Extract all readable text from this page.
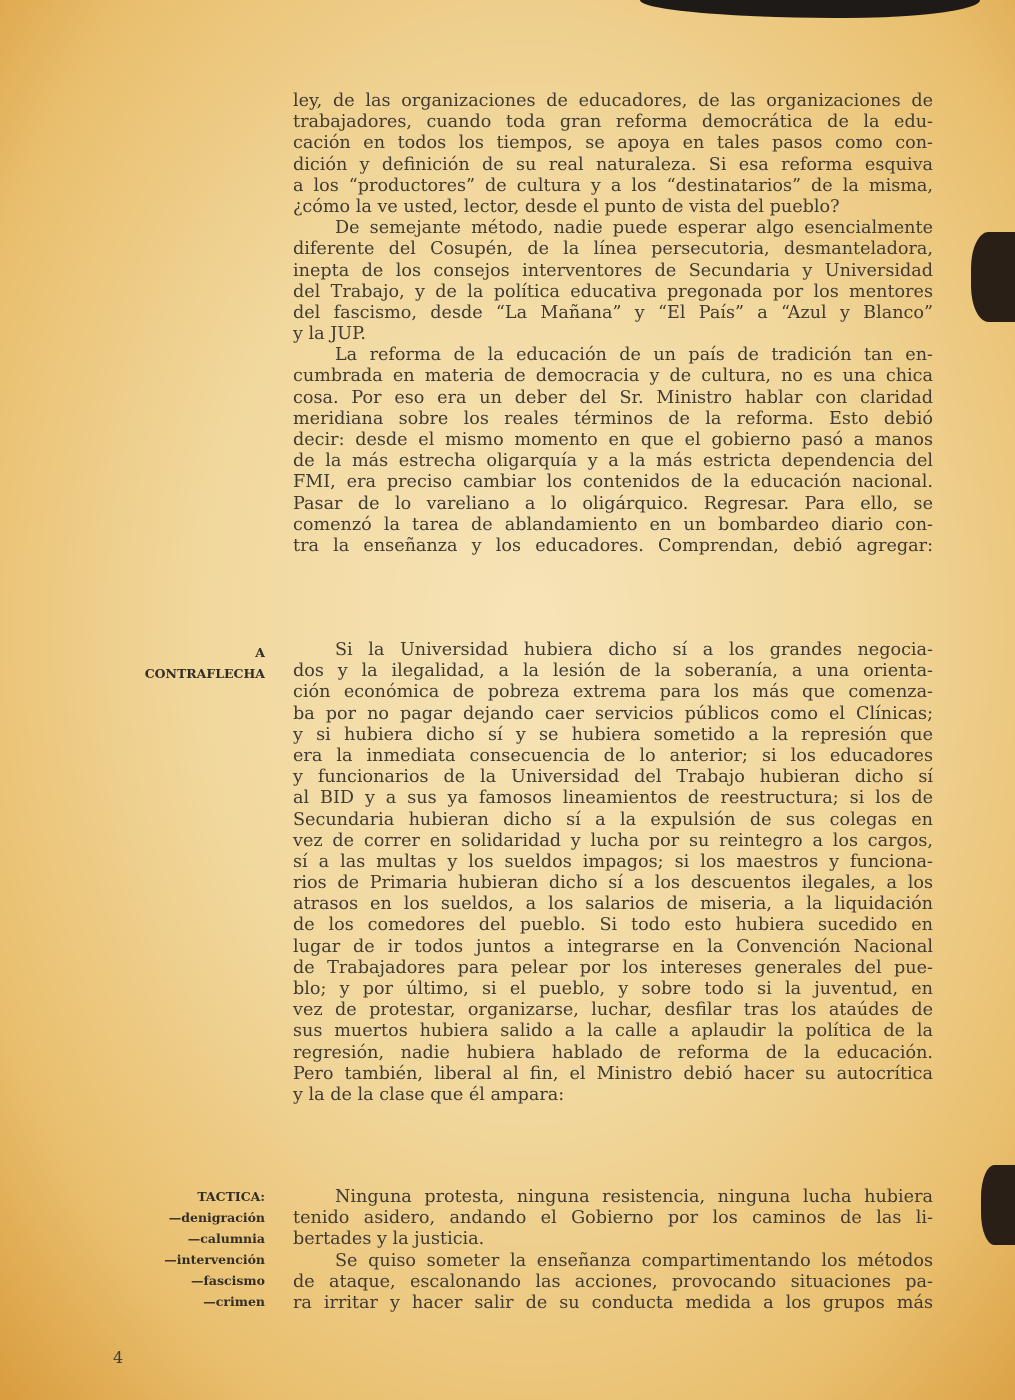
ley, de las organizaciones de educadores, de las organizaciones de
trabajadores, cuando toda gran reforma democrática de la edu-
cación en todos los tiempos, se apoya en tales pasos como con-
dición y definición de su real naturaleza. Si esa reforma esquiva
a los “productores” de cultura y a los “destinatarios” de la misma,
¿cómo la ve usted, lector, desde el punto de vista del pueblo?
De semejante método, nadie puede esperar algo esencialmente
diferente del Cosupén, de la línea persecutoria, desmanteladora,
inepta de los consejos interventores de Secundaria y Universidad
del Trabajo, y de la política educativa pregonada por los mentores
del fascismo, desde “La Mañana” y “El País” a “Azul y Blanco”
y la JUP.
La reforma de la educación de un país de tradición tan en-
cumbrada en materia de democracia y de cultura, no es una chica
cosa. Por eso era un deber del Sr. Ministro hablar con claridad
meridiana sobre los reales términos de la reforma. Esto debió
decir: desde el mismo momento en que el gobierno pasó a manos
de la más estrecha oligarquía y a la más estricta dependencia del
FMI, era preciso cambiar los contenidos de la educación nacional.
Pasar de lo vareliano a lo oligárquico. Regresar. Para ello, se
comenzó la tarea de ablandamiento en un bombardeo diario con-
tra la enseñanza y los educadores. Comprendan, debió agregar:
A
CONTRAFLECHA
Si la Universidad hubiera dicho sí a los grandes negocia-
dos y la ilegalidad, a la lesión de la soberanía, a una orienta-
ción económica de pobreza extrema para los más que comenza-
ba por no pagar dejando caer servicios públicos como el Clínicas;
y si hubiera dicho sí y se hubiera sometido a la represión que
era la inmediata consecuencia de lo anterior; si los educadores
y funcionarios de la Universidad del Trabajo hubieran dicho sí
al BID y a sus ya famosos lineamientos de reestructura; si los de
Secundaria hubieran dicho sí a la expulsión de sus colegas en
vez de correr en solidaridad y lucha por su reintegro a los cargos,
sí a las multas y los sueldos impagos; si los maestros y funciona-
rios de Primaria hubieran dicho sí a los descuentos ilegales, a los
atrasos en los sueldos, a los salarios de miseria, a la liquidación
de los comedores del pueblo. Si todo esto hubiera sucedido en
lugar de ir todos juntos a integrarse en la Convención Nacional
de Trabajadores para pelear por los intereses generales del pue-
blo; y por último, si el pueblo, y sobre todo si la juventud, en
vez de protestar, organizarse, luchar, desfilar tras los ataúdes de
sus muertos hubiera salido a la calle a aplaudir la política de la
regresión, nadie hubiera hablado de reforma de la educación.
Pero también, liberal al fin, el Ministro debió hacer su autocrítica
y la de la clase que él ampara:
TACTICA:
—denigración
—calumnia
—intervención
—fascismo
—crimen
Ninguna protesta, ninguna resistencia, ninguna lucha hubiera
tenido asidero, andando el Gobierno por los caminos de las li-
bertades y la justicia.
Se quiso someter la enseñanza compartimentando los métodos
de ataque, escalonando las acciones, provocando situaciones pa-
ra irritar y hacer salir de su conducta medida a los grupos más
4
